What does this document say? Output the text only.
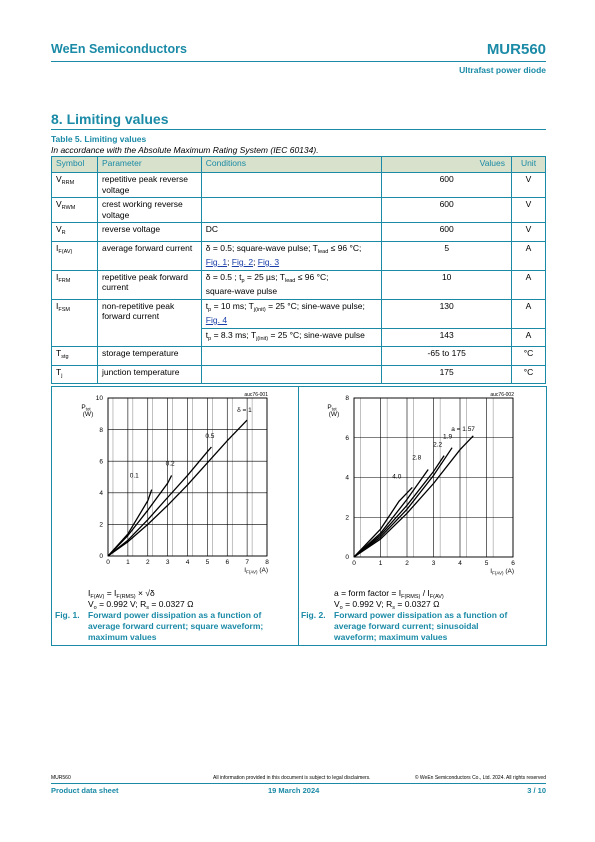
WeEn Semiconductors	MUR560
Ultrafast power diode
8. Limiting values
Table 5. Limiting values
In accordance with the Absolute Maximum Rating System (IEC 60134).
Symbol	Parameter	Conditions	Values	Unit
$V_{RRM}$	repetitive peak reverse voltage		600	V
$V_{RWM}$	crest working reverse voltage		600	V
$V_R$	reverse voltage	DC	600	V
$I_{F(AV)}$	average forward current	δ = 0.5; square-wave pulse; $T_{lead} \le 96$ °C;
Fig. 1; Fig. 2; Fig. 3	5	A
$I_{FRM}$	repetitive peak forward current	δ = 0.5 ; $t_p = 25$ µs; $T_{lead} \le 96$ °C;
square-wave pulse	10	A
$I_{FSM}$	non-repetitive peak forward current	$t_p = 10$ ms; $T_{j(init)} = 25$ °C; sine-wave pulse;
Fig. 4	130	A
		$t_p = 8.3$ ms; $T_{j(init)} = 25$ °C; sine-wave pulse	143	A
$T_{stg}$	storage temperature		-65 to 175	°C
$T_j$	junction temperature		175	°C
auc76-001
$P_{tot}$
(W)
$I_{F(AV)}$ (A)
0	1	2	3	4	5	6	7	8
0
2
4
6
8
10
0.1
0.2
0.5
δ = 1
auc76-002
$P_{tot}$
(W)
$I_{F(AV)}$ (A)
0	1	2	3	4	5	6
0
2
4
6
8
4.0
2.8
2.2
1.9
a = 1.57
$I_{F(AV)} = I_{F(RMS)} \times √\delta$
$V_o = 0.992$ V; $R_s = 0.0327$ Ω
Fig. 1. Forward power dissipation as a function of
average forward current; square waveform;
maximum values
a = form factor = $I_{F(RMS)} / I_{F(AV)}$
$V_o = 0.992$ V; $R_s = 0.0327$ Ω
Fig. 2. Forward power dissipation as a function of
average forward current; sinusoidal
waveform; maximum values
MUR560	All information provided in this document is subject to legal disclaimers.	© WeEn Semiconductors Co., Ltd. 2024. All rights reserved
Product data sheet	19 March 2024	3 / 10
